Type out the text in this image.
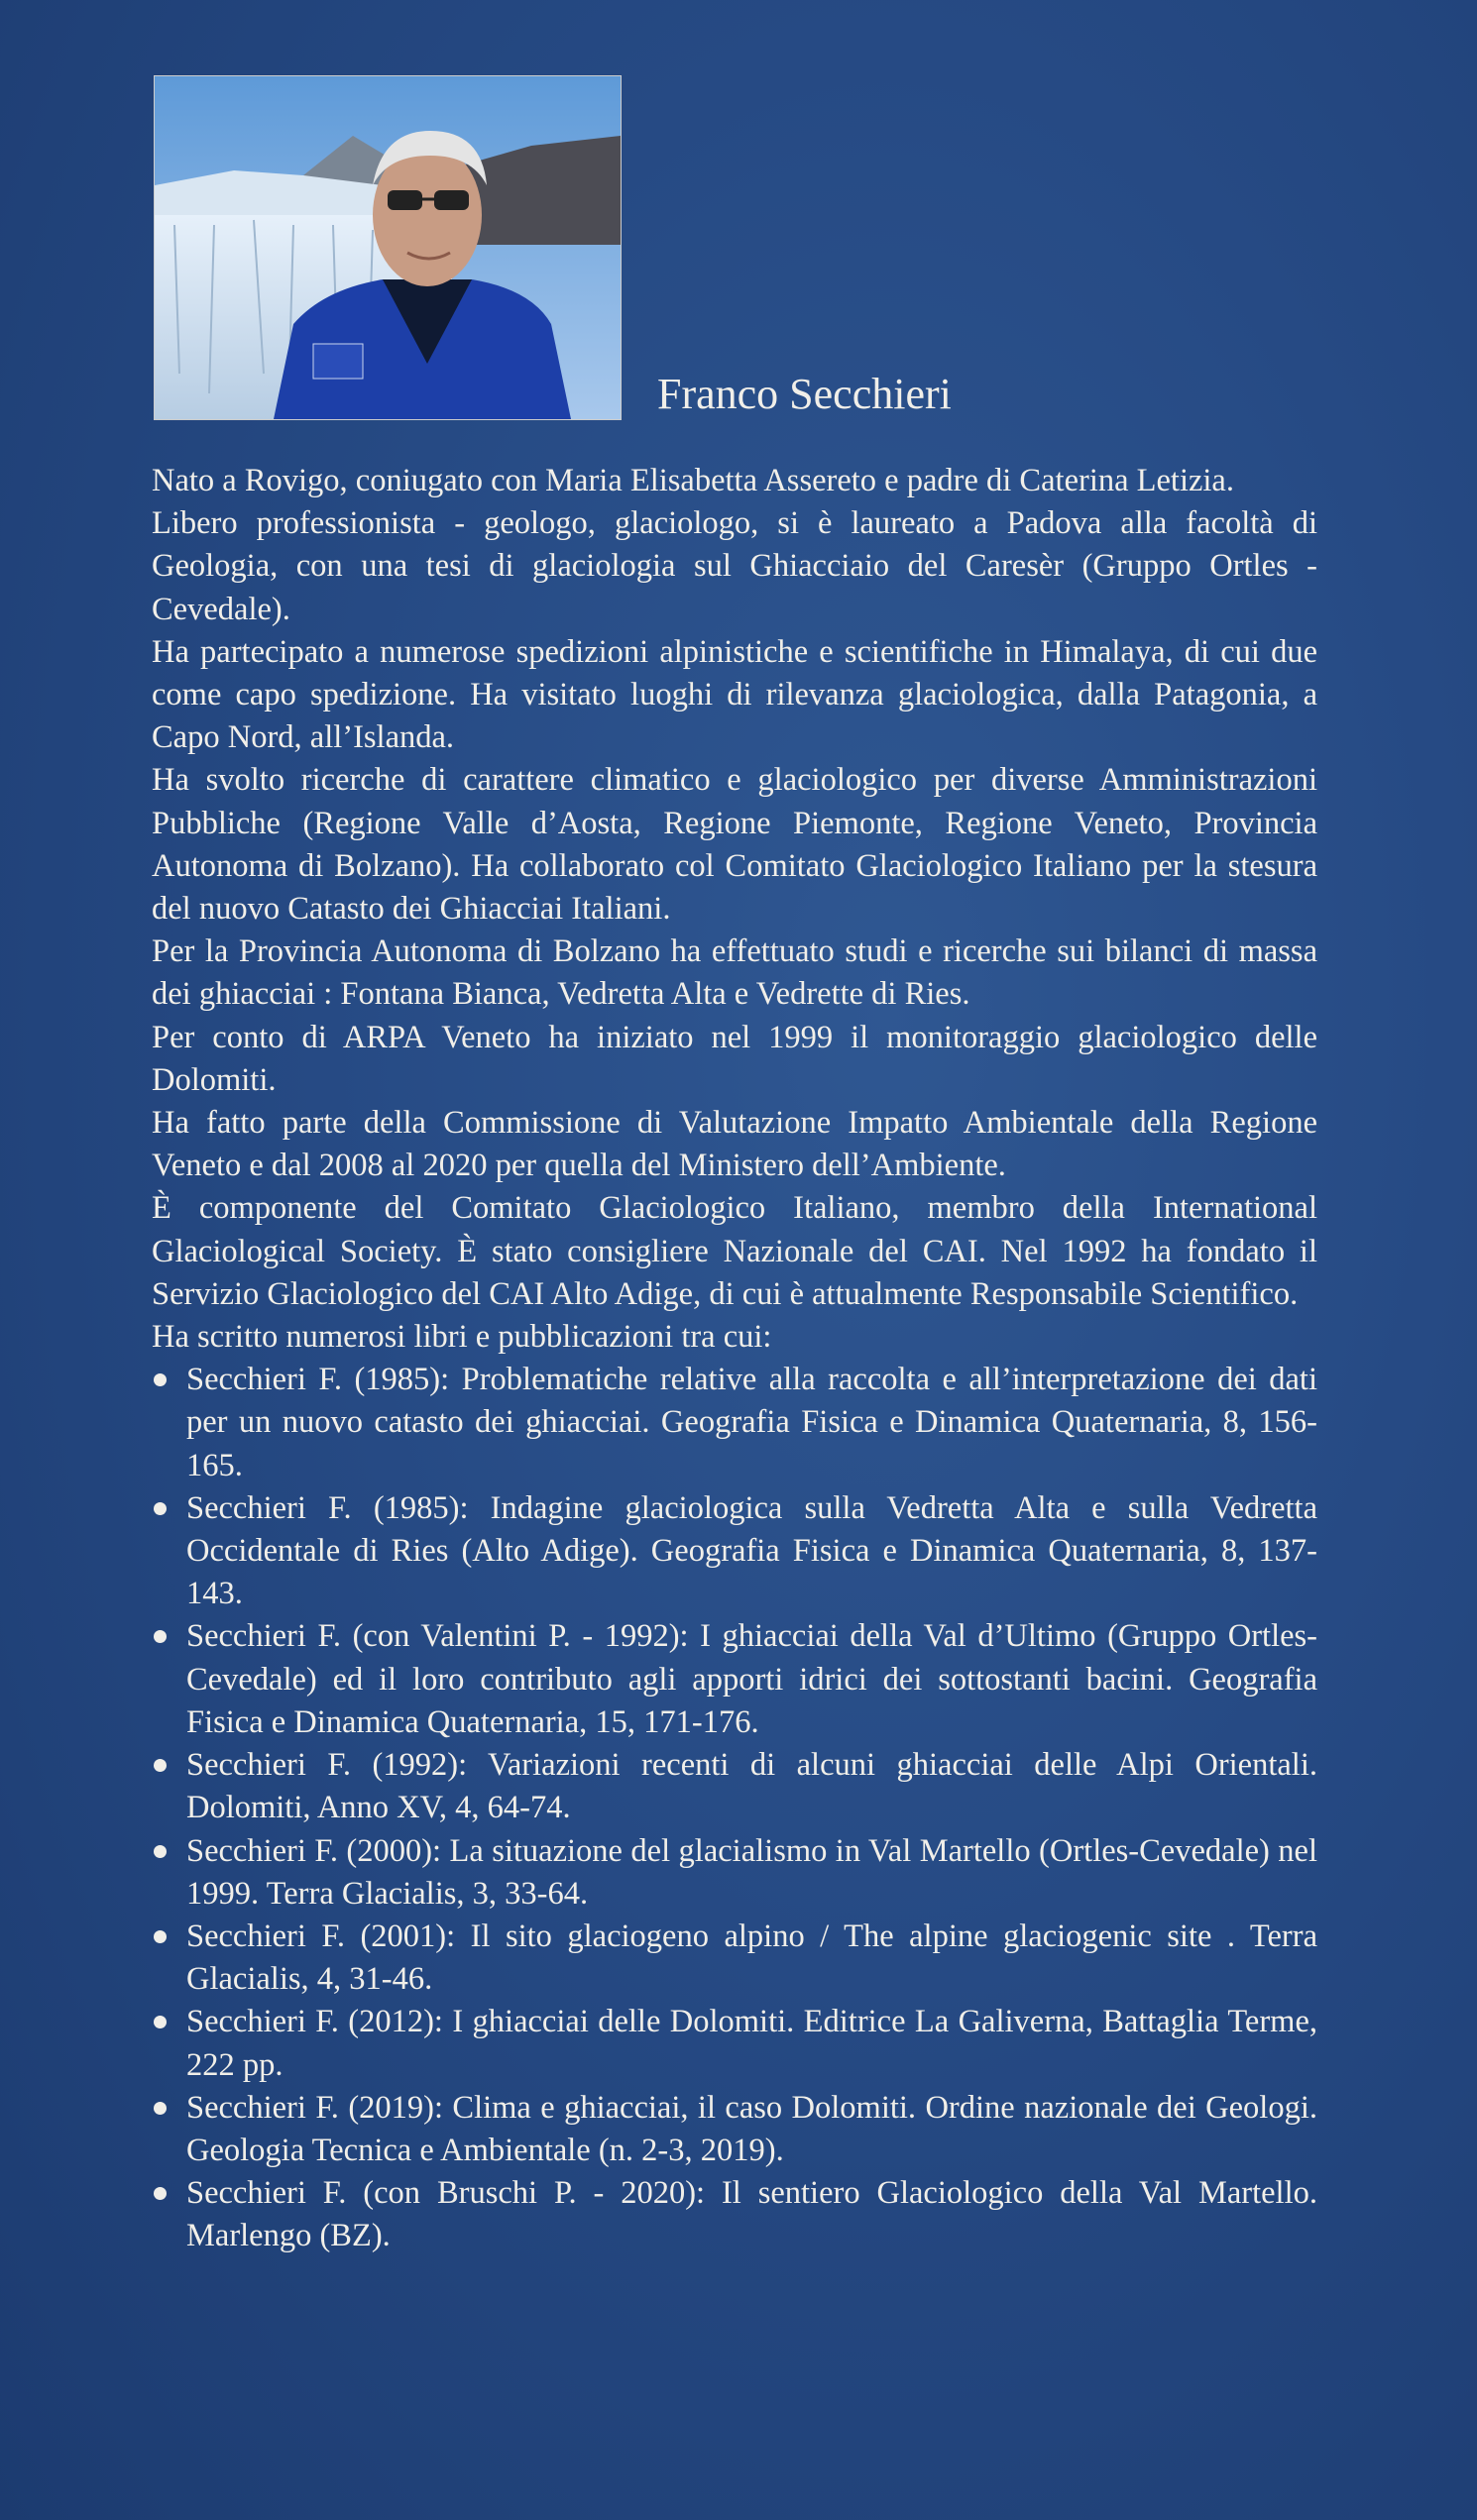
Franco Secchieri

Nato a Rovigo, coniugato con Maria Elisabetta Assereto e padre di Caterina Letizia.

Libero professionista - geologo, glaciologo, si è laureato a Padova alla facoltà di Geologia, con una tesi di glaciologia sul Ghiacciaio del Caresèr (Gruppo Ortles - Cevedale).

Ha partecipato a numerose spedizioni alpinistiche e scientifiche in Himalaya, di cui due come capo spedizione. Ha visitato luoghi di rilevanza glaciologica, dalla Patagonia, a Capo Nord, all’Islanda.

Ha svolto ricerche di carattere climatico e glaciologico per diverse Amministrazioni Pubbliche (Regione Valle d’Aosta, Regione Piemonte, Regione Veneto, Provincia Autonoma di Bolzano). Ha collaborato col Comitato Glaciologico Italiano per la stesura del nuovo Catasto dei Ghiacciai Italiani.

Per la Provincia Autonoma di Bolzano ha effettuato studi e ricerche sui bilanci di massa dei ghiacciai : Fontana Bianca, Vedretta Alta e Vedrette di Ries.

Per conto di ARPA Veneto ha iniziato nel 1999 il monitoraggio glaciologico delle Dolomiti.

Ha fatto parte della Commissione di Valutazione Impatto Ambientale della Regione Veneto e dal 2008 al 2020 per quella del Ministero dell’Ambiente.

È componente del Comitato Glaciologico Italiano, membro della International Glaciological Society. È stato consigliere Nazionale del CAI. Nel 1992 ha fondato il Servizio Glaciologico del CAI Alto Adige, di cui è attualmente Responsabile Scientifico.

Ha scritto numerosi libri e pubblicazioni tra cui:

Secchieri F. (1985): Problematiche relative alla raccolta e all’interpretazione dei dati per un nuovo catasto dei ghiacciai. Geografia Fisica e Dinamica Quaternaria, 8, 156-165.
Secchieri F. (1985): Indagine glaciologica sulla Vedretta Alta e sulla Vedretta Occidentale di Ries (Alto Adige). Geografia Fisica e Dinamica Quaternaria, 8, 137-143.
Secchieri F. (con Valentini P. - 1992): I ghiacciai della Val d’Ultimo (Gruppo Ortles-Cevedale) ed il loro contributo agli apporti idrici dei sottostanti bacini. Geografia Fisica e Dinamica Quaternaria, 15, 171-176.
Secchieri F. (1992): Variazioni recenti di alcuni ghiacciai delle Alpi Orientali. Dolomiti, Anno XV, 4, 64-74.
Secchieri F. (2000): La situazione del glacialismo in Val Martello (Ortles-Cevedale) nel 1999. Terra Glacialis, 3, 33-64.
Secchieri F. (2001): Il sito glaciogeno alpino / The alpine glaciogenic site . Terra Glacialis, 4, 31-46.
Secchieri F. (2012): I ghiacciai delle Dolomiti. Editrice La Galiverna, Battaglia Terme, 222 pp.
Secchieri F. (2019): Clima e ghiacciai, il caso Dolomiti. Ordine nazionale dei Geologi. Geologia Tecnica e Ambientale (n. 2-3, 2019).
Secchieri F. (con Bruschi P. - 2020): Il sentiero Glaciologico della Val Martello. Marlengo (BZ).
